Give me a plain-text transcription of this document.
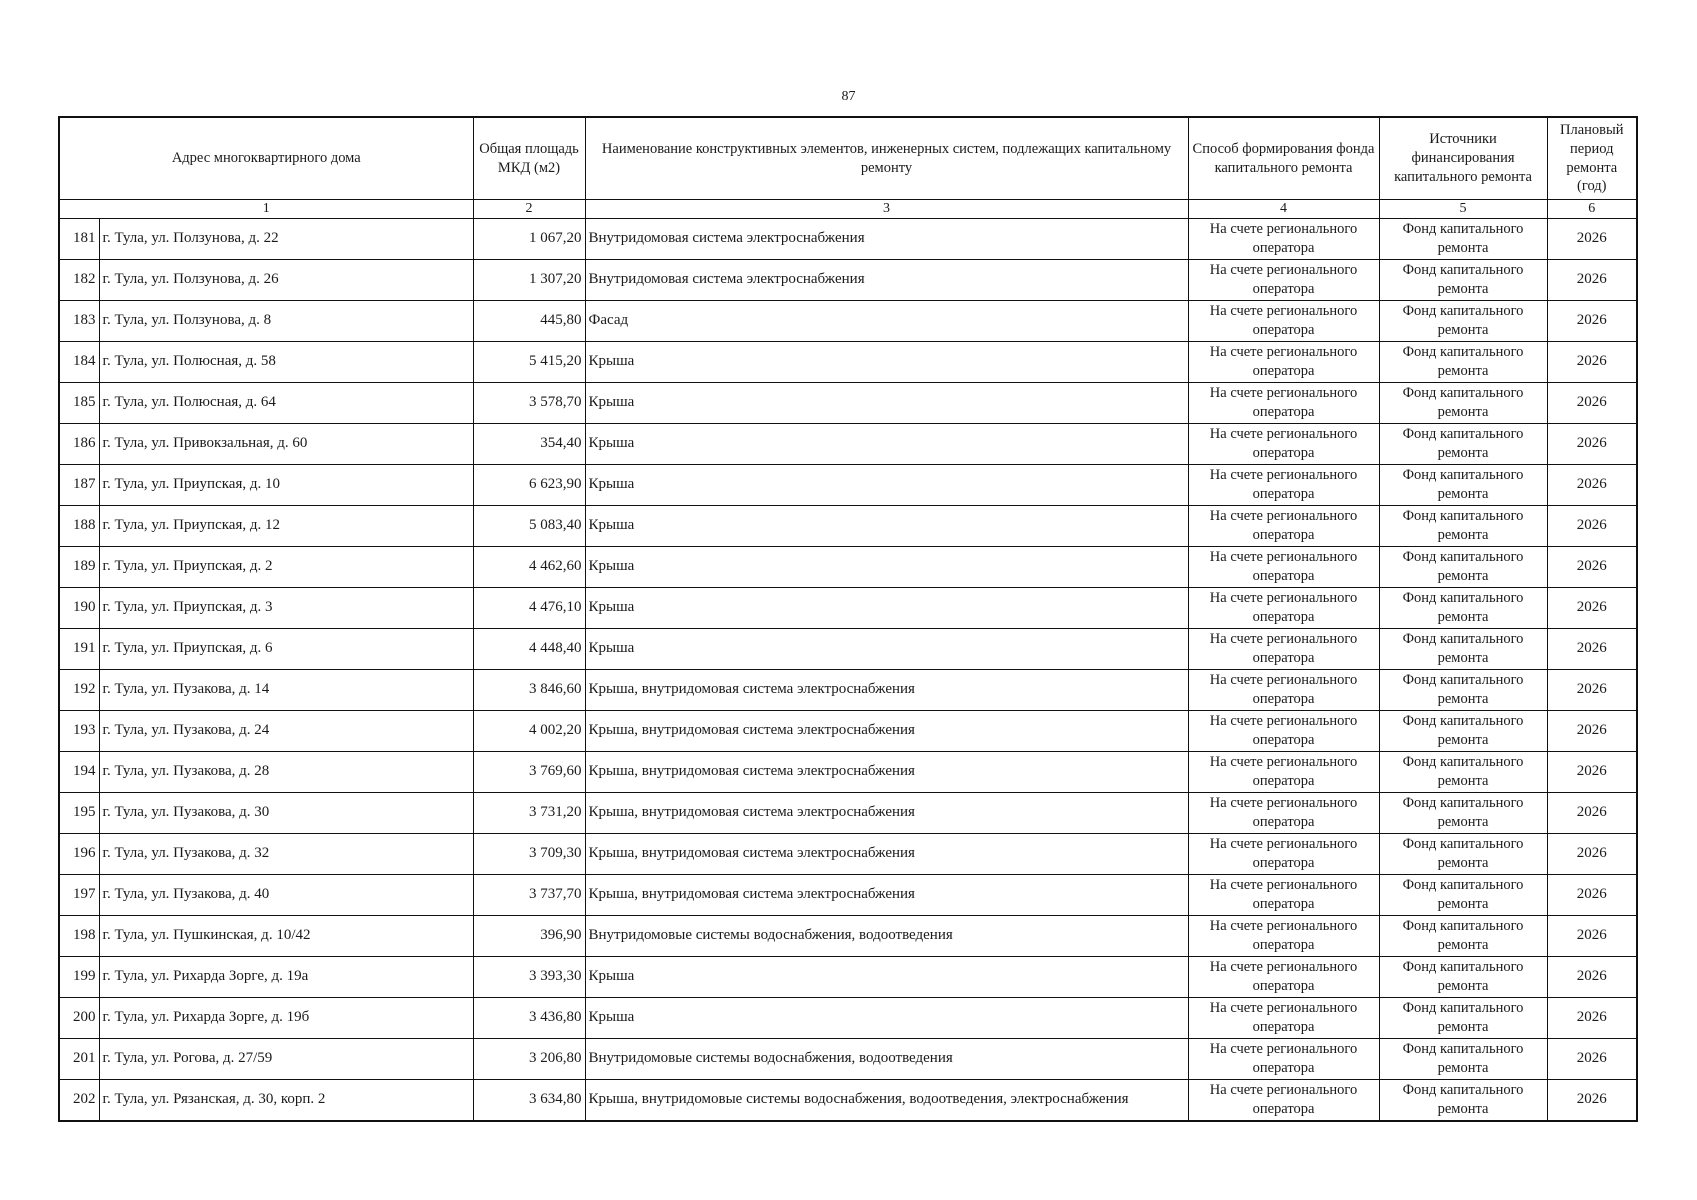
87
Адрес многоквартирного дома		Общая площадь МКД (м2)	Наименование конструктивных элементов, инженерных систем, подлежащих капитальному ремонту	Способ формирования фонда капитального ремонта	Источники финансирования капитального ремонта	Плановый период ремонта (год)
1		2	3	4	5	6
181	г. Тула, ул. Ползунова, д. 22	1 067,20	Внутридомовая система электроснабжения	На счете регионального оператора	Фонд капитального ремонта	2026
182	г. Тула, ул. Ползунова, д. 26	1 307,20	Внутридомовая система электроснабжения	На счете регионального оператора	Фонд капитального ремонта	2026
183	г. Тула, ул. Ползунова, д. 8	445,80	Фасад	На счете регионального оператора	Фонд капитального ремонта	2026
184	г. Тула, ул. Полюсная, д. 58	5 415,20	Крыша	На счете регионального оператора	Фонд капитального ремонта	2026
185	г. Тула, ул. Полюсная, д. 64	3 578,70	Крыша	На счете регионального оператора	Фонд капитального ремонта	2026
186	г. Тула, ул. Привокзальная, д. 60	354,40	Крыша	На счете регионального оператора	Фонд капитального ремонта	2026
187	г. Тула, ул. Приупская, д. 10	6 623,90	Крыша	На счете регионального оператора	Фонд капитального ремонта	2026
188	г. Тула, ул. Приупская, д. 12	5 083,40	Крыша	На счете регионального оператора	Фонд капитального ремонта	2026
189	г. Тула, ул. Приупская, д. 2	4 462,60	Крыша	На счете регионального оператора	Фонд капитального ремонта	2026
190	г. Тула, ул. Приупская, д. 3	4 476,10	Крыша	На счете регионального оператора	Фонд капитального ремонта	2026
191	г. Тула, ул. Приупская, д. 6	4 448,40	Крыша	На счете регионального оператора	Фонд капитального ремонта	2026
192	г. Тула, ул. Пузакова, д. 14	3 846,60	Крыша, внутридомовая система электроснабжения	На счете регионального оператора	Фонд капитального ремонта	2026
193	г. Тула, ул. Пузакова, д. 24	4 002,20	Крыша, внутридомовая система электроснабжения	На счете регионального оператора	Фонд капитального ремонта	2026
194	г. Тула, ул. Пузакова, д. 28	3 769,60	Крыша, внутридомовая система электроснабжения	На счете регионального оператора	Фонд капитального ремонта	2026
195	г. Тула, ул. Пузакова, д. 30	3 731,20	Крыша, внутридомовая система электроснабжения	На счете регионального оператора	Фонд капитального ремонта	2026
196	г. Тула, ул. Пузакова, д. 32	3 709,30	Крыша, внутридомовая система электроснабжения	На счете регионального оператора	Фонд капитального ремонта	2026
197	г. Тула, ул. Пузакова, д. 40	3 737,70	Крыша, внутридомовая система электроснабжения	На счете регионального оператора	Фонд капитального ремонта	2026
198	г. Тула, ул. Пушкинская, д. 10/42	396,90	Внутридомовые системы водоснабжения, водоотведения	На счете регионального оператора	Фонд капитального ремонта	2026
199	г. Тула, ул. Рихарда Зорге, д. 19а	3 393,30	Крыша	На счете регионального оператора	Фонд капитального ремонта	2026
200	г. Тула, ул. Рихарда Зорге, д. 19б	3 436,80	Крыша	На счете регионального оператора	Фонд капитального ремонта	2026
201	г. Тула, ул. Рогова, д. 27/59	3 206,80	Внутридомовые системы водоснабжения, водоотведения	На счете регионального оператора	Фонд капитального ремонта	2026
202	г. Тула, ул. Рязанская, д. 30, корп. 2	3 634,80	Крыша, внутридомовые системы водоснабжения, водоотведения, электроснабжения	На счете регионального оператора	Фонд капитального ремонта	2026
